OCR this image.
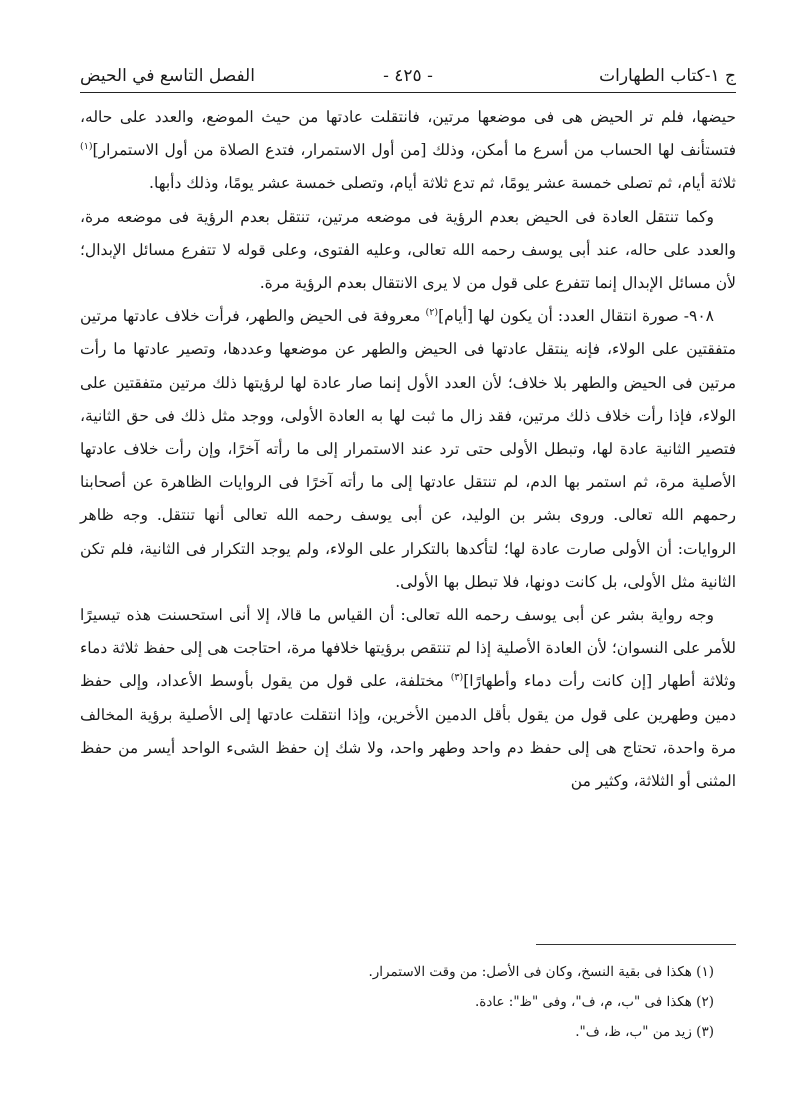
ج ١-كتاب الطهارات
- ٤٢٥ -
الفصل التاسع في الحيض

حيضها، فلم تر الحيض هى فى موضعها مرتين، فانتقلت عادتها من حيث الموضع، والعدد على حاله، فتستأنف لها الحساب من أسرع ما أمكن، وذلك [من أول الاستمرار، فتدع الصلاة من أول الاستمرار]$^{(١)}$ ثلاثة أيام، ثم تصلى خمسة عشر يومًا، ثم تدع ثلاثة أيام، وتصلى خمسة عشر يومًا، وذلك دأبها.

وكما تنتقل العادة فى الحيض بعدم الرؤية فى موضعه مرتين، تنتقل بعدم الرؤية فى موضعه مرة، والعدد على حاله، عند أبى يوسف رحمه الله تعالى، وعليه الفتوى، وعلى قوله لا تتفرع مسائل الإبدال؛ لأن مسائل الإبدال إنما تتفرع على قول من لا يرى الانتقال بعدم الرؤية مرة.

٩٠٨- صورة انتقال العدد: أن يكون لها [أيام]$^{(٢)}$ معروفة فى الحيض والطهر، فرأت خلاف عادتها مرتين متفقتين على الولاء، فإنه ينتقل عادتها فى الحيض والطهر عن موضعها وعددها، وتصير عادتها ما رأت مرتين فى الحيض والطهر بلا خلاف؛ لأن العدد الأول إنما صار عادة لها لرؤيتها ذلك مرتين متفقتين على الولاء، فإذا رأت خلاف ذلك مرتين، فقد زال ما ثبت لها به العادة الأولى، ووجد مثل ذلك فى حق الثانية، فتصير الثانية عادة لها، وتبطل الأولى حتى ترد عند الاستمرار إلى ما رأته آخرًا، وإن رأت خلاف عادتها الأصلية مرة، ثم استمر بها الدم، لم تنتقل عادتها إلى ما رأته آخرًا فى الروايات الظاهرة عن أصحابنا رحمهم الله تعالى. وروى بشر بن الوليد، عن أبى يوسف رحمه الله تعالى أنها تنتقل. وجه ظاهر الروايات: أن الأولى صارت عادة لها؛ لتأكدها بالتكرار على الولاء، ولم يوجد التكرار فى الثانية، فلم تكن الثانية مثل الأولى، بل كانت دونها، فلا تبطل بها الأولى.

وجه رواية بشر عن أبى يوسف رحمه الله تعالى: أن القياس ما قالا، إلا أنى استحسنت هذه تيسيرًا للأمر على النسوان؛ لأن العادة الأصلية إذا لم تنتقص برؤيتها خلافها مرة، احتاجت هى إلى حفظ ثلاثة دماء وثلاثة أطهار [إن كانت رأت دماء وأطهارًا]$^{(٣)}$ مختلفة، على قول من يقول بأوسط الأعداد، وإلى حفظ دمين وطهرين على قول من يقول بأقل الدمين الأخرين، وإذا انتقلت عادتها إلى الأصلية برؤية المخالف مرة واحدة، تحتاج هى إلى حفظ دم واحد وطهر واحد، ولا شك إن حفظ الشىء الواحد أيسر من حفظ المثنى أو الثلاثة، وكثير من

(١) هكذا فى بقية النسخ، وكان فى الأصل: من وقت الاستمرار.

(٢) هكذا فى "ب، م، ف"، وفى "ظ": عادة.

(٣) زيد من "ب، ظ، ف".
